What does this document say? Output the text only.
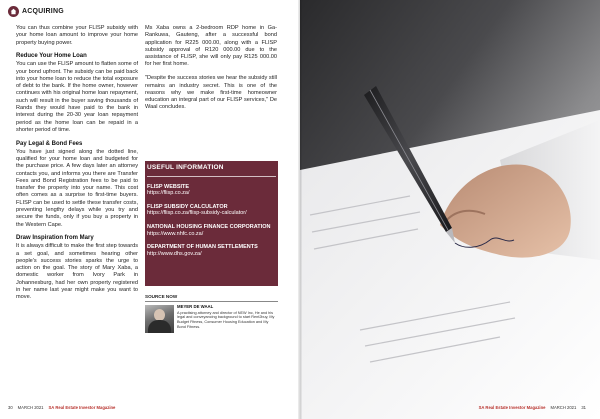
ACQUIRING

You can thus combine your FLISP subsidy with your home loan amount to improve your home property buying power.

Reduce Your Home Loan

You can use the FLISP amount to flatten some of your bond upfront. The subsidy can be paid back into your home loan to reduce the total exposure of debt to the bank. If the home owner, however continues with his original home loan repayment, such will result in the buyer saving thousands of Rands they would have paid to the bank in interest during the 20-30 year loan repayment period as the home loan can be repaid in a shorter period of time.

Pay Legal & Bond Fees

You have just signed along the dotted line, qualified for your home loan and budgeted for the purchase price. A few days later an attorney contacts you, and informs you there are Transfer Fees and Bond Registration fees to be paid to transfer the property into your name. This cost often comes as a surprise to first-time buyers. FLISP can be used to settle these transfer costs, preventing lengthy delays while you try and secure the funds, only if you buy a property in the Western Cape.

Draw Inspiration from Mary

It is always difficult to make the first step towards a set goal, and sometimes hearing other people's success stories sparks the urge to action on the goal. The story of Mary Xaba, a domestic worker from Ivory Park in Johannesburg, had her own property registered in her name last year might make you want to move.

Ms Xaba owns a 2-bedroom RDP home in Ga-Rankuwa, Gauteng, after a successful bond application for R225 000.00, along with a FLISP subsidy approval of R120 000.00 due to the assistance of FLISP, she will only pay R125 000.00 for her first home.

"Despite the success stories we hear the subsidy still remains an industry secret. This is one of the reasons why we make first-time homeowner education an integral part of our FLISP services," De Waal concludes.

USEFUL INFORMATION
FLISP WEBSITE
https://flisp.co.za/
FLISP SUBSIDY CALCULATOR
https://flisp.co.za/flisp-subsidy-calculator/
NATIONAL HOUSING FINANCE CORPORATION
https://www.nhfc.co.za/
DEPARTMENT OF HUMAN SETTLEMENTS
http://www.dhs.gov.za/
SOURCE NOW
MEYER DE WAAL
A practising attorney and director of NEW Inc, He and his legal and conveyancing background to start Rent2buy, My Budget Fitness, Consumer Housing Education and My Bond Fitness.
30 MARCH 2021 SA Real Estate Investor Magazine	SA Real Estate Investor Magazine MARCH 2021 31
